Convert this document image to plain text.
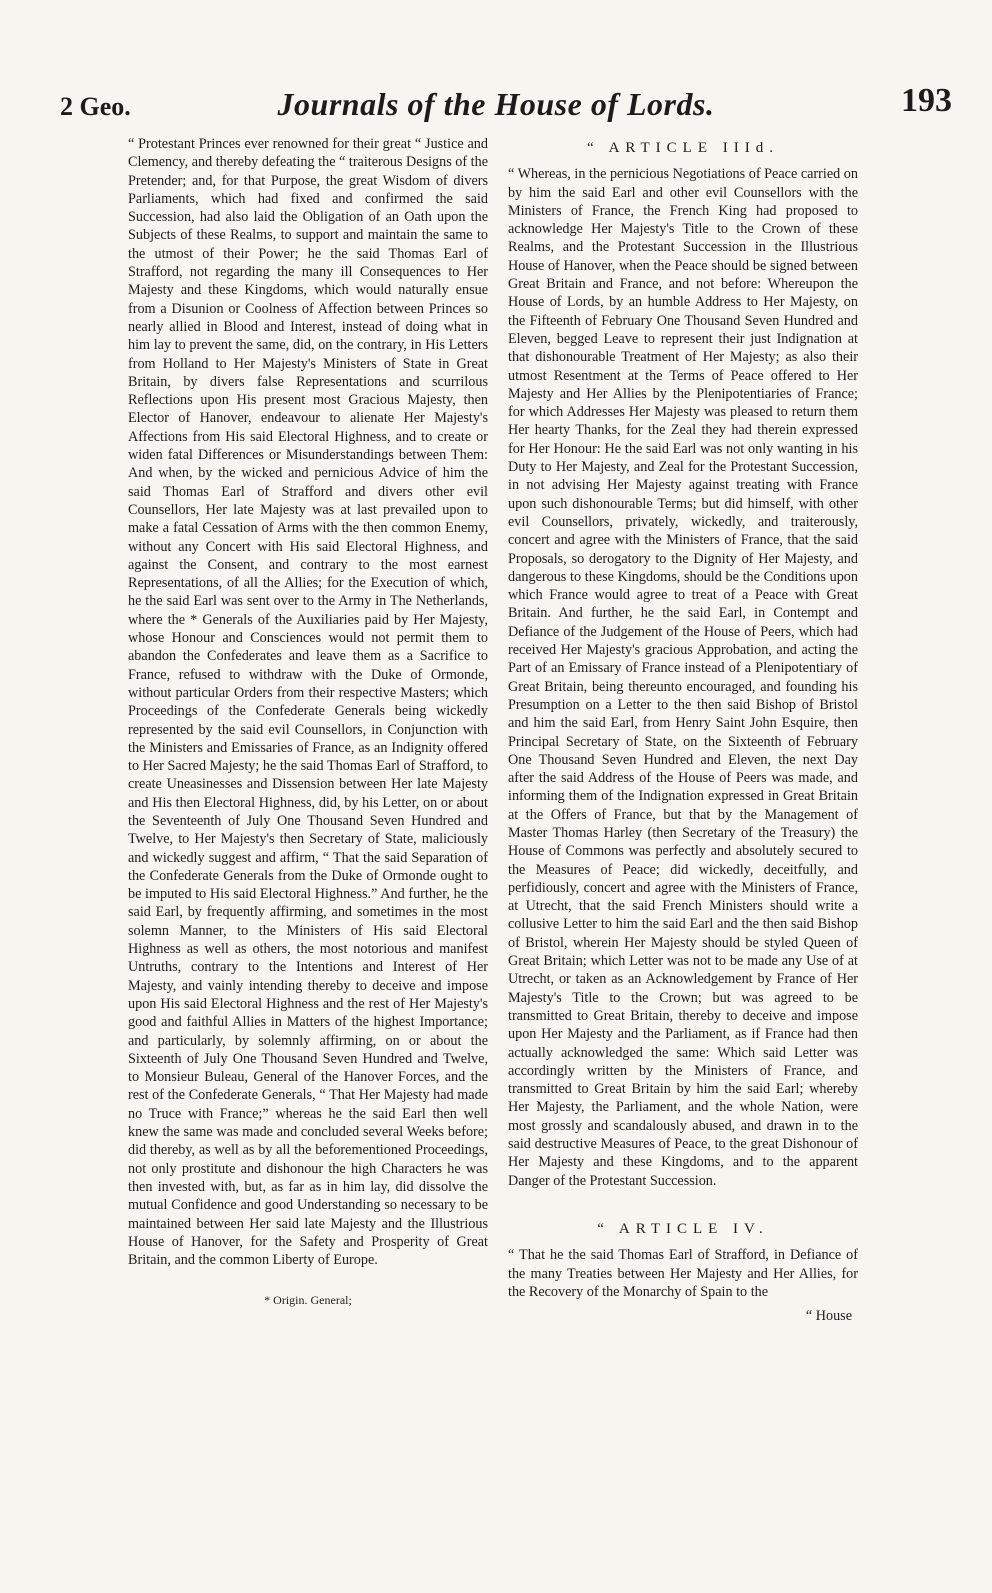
2 Geo.	Journals of the House of Lords.	193

“ Protestant Princes ever renowned for their great “ Justice and Clemency, and thereby defeating the “ traiterous Designs of the Pretender; and, for that Purpose, the great Wisdom of divers Parliaments, which had fixed and confirmed the said Succession, had also laid the Obligation of an Oath upon the Subjects of these Realms, to support and maintain the same to the utmost of their Power; he the said Thomas Earl of Strafford, not regarding the many ill Consequences to Her Majesty and these Kingdoms, which would naturally ensue from a Disunion or Coolness of Affection between Princes so nearly allied in Blood and Interest, instead of doing what in him lay to prevent the same, did, on the contrary, in His Letters from Holland to Her Majesty's Ministers of State in Great Britain, by divers false Representations and scurrilous Reflections upon His present most Gracious Majesty, then Elector of Hanover, endeavour to alienate Her Majesty's Affections from His said Electoral Highness, and to create or widen fatal Differences or Misunderstandings between Them: And when, by the wicked and pernicious Advice of him the said Thomas Earl of Strafford and divers other evil Counsellors, Her late Majesty was at last prevailed upon to make a fatal Cessation of Arms with the then common Enemy, without any Concert with His said Electoral Highness, and against the Consent, and contrary to the most earnest Representations, of all the Allies; for the Execution of which, he the said Earl was sent over to the Army in The Netherlands, where the * Generals of the Auxiliaries paid by Her Majesty, whose Honour and Consciences would not permit them to abandon the Confederates and leave them as a Sacrifice to France, refused to withdraw with the Duke of Ormonde, without particular Orders from their respective Masters; which Proceedings of the Confederate Generals being wickedly represented by the said evil Counsellors, in Conjunction with the Ministers and Emissaries of France, as an Indignity offered to Her Sacred Majesty; he the said Thomas Earl of Strafford, to create Uneasinesses and Dissension between Her late Majesty and His then Electoral Highness, did, by his Letter, on or about the Seventeenth of July One Thousand Seven Hundred and Twelve, to Her Majesty's then Secretary of State, maliciously and wickedly suggest and affirm, “ That the said Separation of the Confederate Generals from the Duke of Ormonde ought to be imputed to His said Electoral Highness.” And further, he the said Earl, by frequently affirming, and sometimes in the most solemn Manner, to the Ministers of His said Electoral Highness as well as others, the most notorious and manifest Untruths, contrary to the Intentions and Interest of Her Majesty, and vainly intending thereby to deceive and impose upon His said Electoral Highness and the rest of Her Majesty's good and faithful Allies in Matters of the highest Importance; and particularly, by solemnly affirming, on or about the Sixteenth of July One Thousand Seven Hundred and Twelve, to Monsieur Buleau, General of the Hanover Forces, and the rest of the Confederate Generals, “ That Her Majesty had made no Truce with France;” whereas he the said Earl then well knew the same was made and concluded several Weeks before; did thereby, as well as by all the beforementioned Proceedings, not only prostitute and dishonour the high Characters he was then invested with, but, as far as in him lay, did dissolve the mutual Confidence and good Understanding so necessary to be maintained between Her said late Majesty and the Illustrious House of Hanover, for the Safety and Prosperity of Great Britain, and the common Liberty of Europe.

* Origin. General;
“ ARTICLE IIId.

“ Whereas, in the pernicious Negotiations of Peace carried on by him the said Earl and other evil Counsellors with the Ministers of France, the French King had proposed to acknowledge Her Majesty's Title to the Crown of these Realms, and the Protestant Succession in the Illustrious House of Hanover, when the Peace should be signed between Great Britain and France, and not before: Whereupon the House of Lords, by an humble Address to Her Majesty, on the Fifteenth of February One Thousand Seven Hundred and Eleven, begged Leave to represent their just Indignation at that dishonourable Treatment of Her Majesty; as also their utmost Resentment at the Terms of Peace offered to Her Majesty and Her Allies by the Plenipotentiaries of France; for which Addresses Her Majesty was pleased to return them Her hearty Thanks, for the Zeal they had therein expressed for Her Honour: He the said Earl was not only wanting in his Duty to Her Majesty, and Zeal for the Protestant Succession, in not advising Her Majesty against treating with France upon such dishonourable Terms; but did himself, with other evil Counsellors, privately, wickedly, and traiterously, concert and agree with the Ministers of France, that the said Proposals, so derogatory to the Dignity of Her Majesty, and dangerous to these Kingdoms, should be the Conditions upon which France would agree to treat of a Peace with Great Britain. And further, he the said Earl, in Contempt and Defiance of the Judgement of the House of Peers, which had received Her Majesty's gracious Approbation, and acting the Part of an Emissary of France instead of a Plenipotentiary of Great Britain, being thereunto encouraged, and founding his Presumption on a Letter to the then said Bishop of Bristol and him the said Earl, from Henry Saint John Esquire, then Principal Secretary of State, on the Sixteenth of February One Thousand Seven Hundred and Eleven, the next Day after the said Address of the House of Peers was made, and informing them of the Indignation expressed in Great Britain at the Offers of France, but that by the Management of Master Thomas Harley (then Secretary of the Treasury) the House of Commons was perfectly and absolutely secured to the Measures of Peace; did wickedly, deceitfully, and perfidiously, concert and agree with the Ministers of France, at Utrecht, that the said French Ministers should write a collusive Letter to him the said Earl and the then said Bishop of Bristol, wherein Her Majesty should be styled Queen of Great Britain; which Letter was not to be made any Use of at Utrecht, or taken as an Acknowledgement by France of Her Majesty's Title to the Crown; but was agreed to be transmitted to Great Britain, thereby to deceive and impose upon Her Majesty and the Parliament, as if France had then actually acknowledged the same: Which said Letter was accordingly written by the Ministers of France, and transmitted to Great Britain by him the said Earl; whereby Her Majesty, the Parliament, and the whole Nation, were most grossly and scandalously abused, and drawn in to the said destructive Measures of Peace, to the great Dishonour of Her Majesty and these Kingdoms, and to the apparent Danger of the Protestant Succession.

“ ARTICLE IV.

“ That he the said Thomas Earl of Strafford, in Defiance of the many Treaties between Her Majesty and Her Allies, for the Recovery of the Monarchy of Spain to the

“ House
